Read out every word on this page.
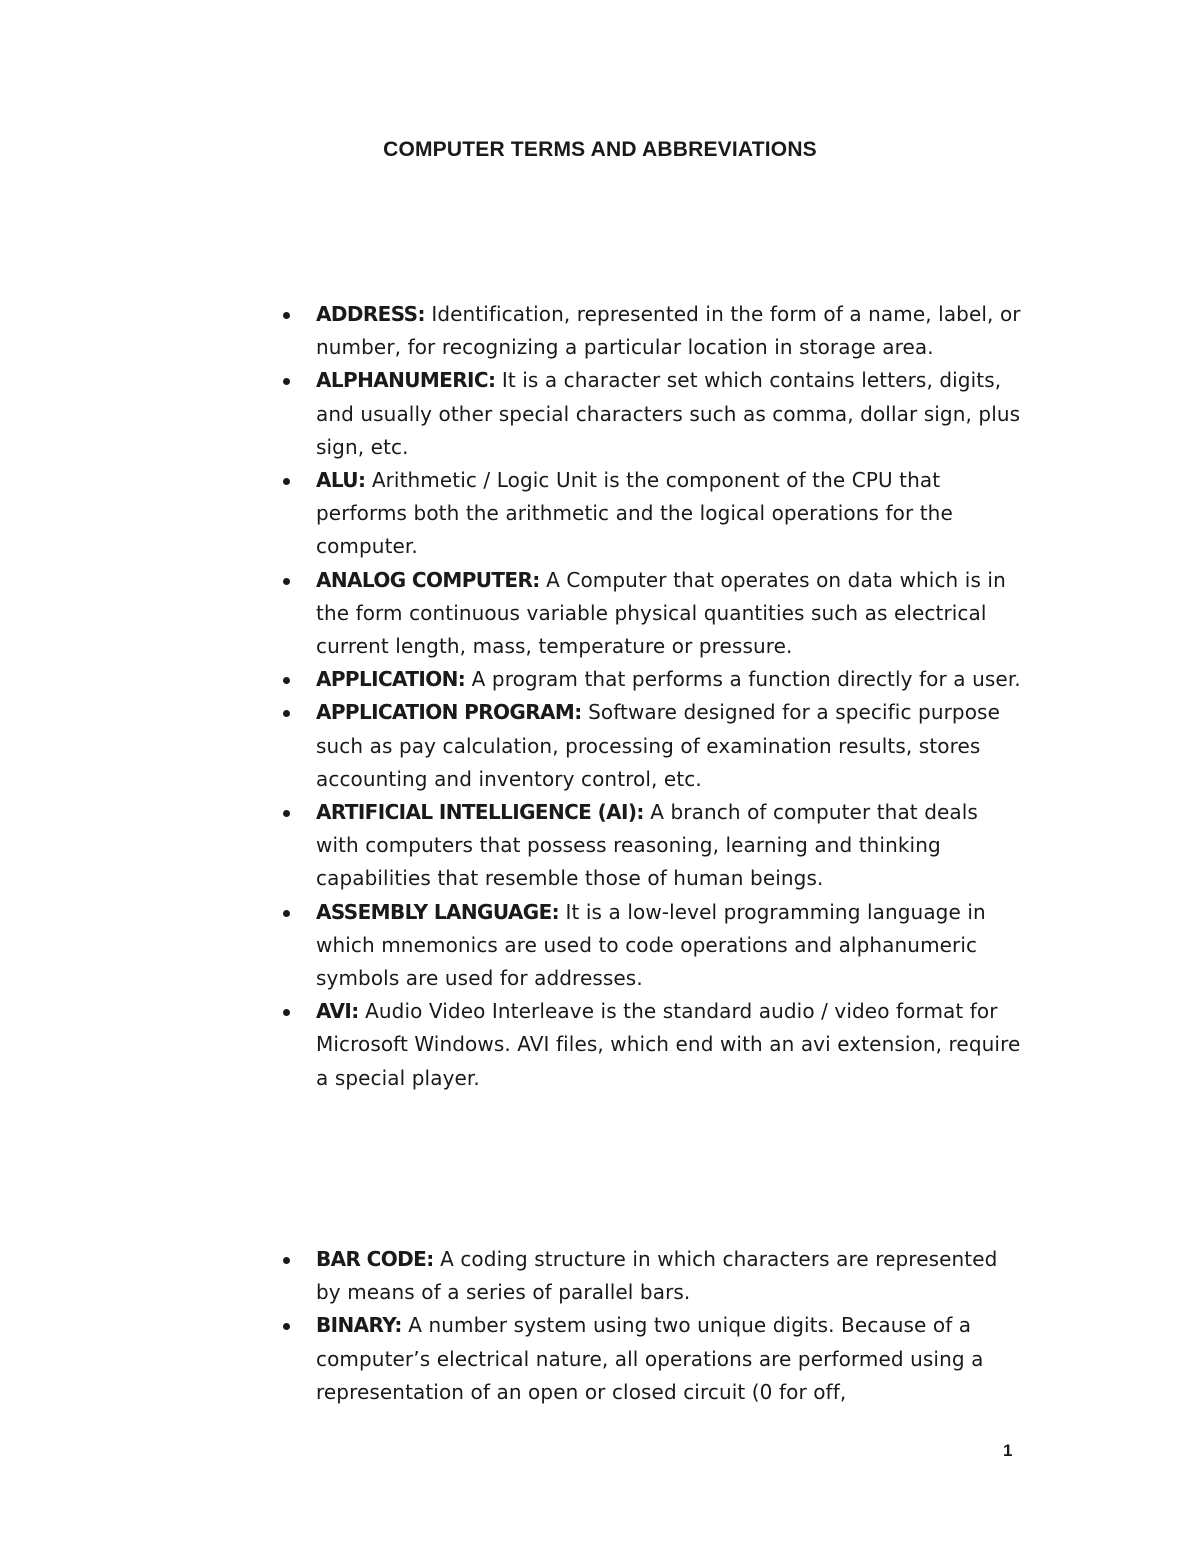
COMPUTER TERMS AND ABBREVIATIONS
ADDRESS: Identification, represented in the form of a name, label, or number, for recognizing a particular location in storage area.
ALPHANUMERIC: It is a character set which contains letters, digits, and usually other special characters such as comma, dollar sign, plus sign, etc.
ALU: Arithmetic / Logic Unit is the component of the CPU that performs both the arithmetic and the logical operations for the computer.
ANALOG COMPUTER: A Computer that operates on data which is in the form continuous variable physical quantities such as electrical current length, mass, temperature or pressure.
APPLICATION: A program that performs a function directly for a user.
APPLICATION PROGRAM: Software designed for a specific purpose such as pay calculation, processing of examination results, stores accounting and inventory control, etc.
ARTIFICIAL INTELLIGENCE (AI): A branch of computer that deals with computers that possess reasoning, learning and thinking capabilities that resemble those of human beings.
ASSEMBLY LANGUAGE: It is a low-level programming language in which mnemonics are used to code operations and alphanumeric symbols are used for addresses.
AVI: Audio Video Interleave is the standard audio / video format for Microsoft Windows. AVI files, which end with an avi extension, require a special player.
BAR CODE: A coding structure in which characters are represented by means of a series of parallel bars.
BINARY: A number system using two unique digits. Because of a computer’s electrical nature, all operations are performed using a representation of an open or closed circuit (0 for off,
1
